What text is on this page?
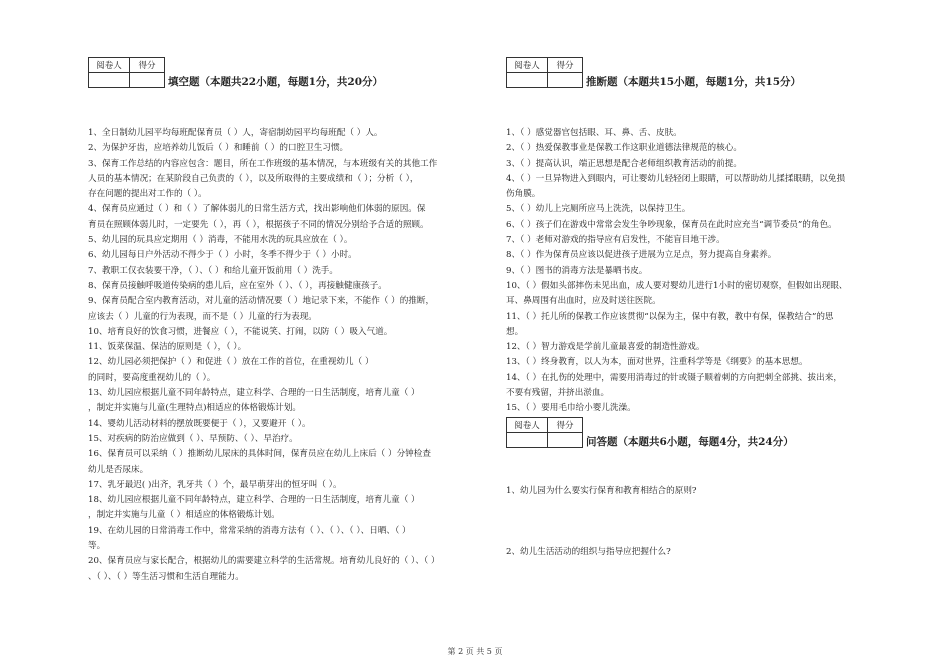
阅卷人	得分

填空题（本题共22小题，每题1分，共20分）

1、全日制幼儿园平均每班配保育员（ ）人，寄宿制幼园平均每班配（ ）人。

2、为保护牙齿，应培养幼儿饭后（ ）和睡前（ ）的口腔卫生习惯。

3、保育工作总结的内容应包含：题目，所在工作班级的基本情况，与本班级有关的其他工作

人员的基本情况；在某阶段自己负责的（ ），以及所取得的主要成绩和（ ）；分析（ ），

存在问题的提出对工作的（ ）。

4、保育员应通过（ ）和（ ）了解体弱儿的日常生活方式，找出影响他们体弱的原因。保

育员在照顾体弱儿时，一定要先（ ），再（ ），根据孩子不同的情况分别给予合适的照顾。

5、幼儿园的玩具应定期用（ ）消毒，不能用水洗的玩具应放在（ ）。

6、幼儿园每日户外活动不得少于（ ）小时，冬季不得少于（ ）小时。

7、教职工仅衣装要干净，（ ）、（ ）和给儿童开饭前用（ ）洗手。

8、保育员接触呼吸道传染病的患儿后，应在室外（ ）、（ ），再接触健康孩子。

9、保育员配合室内教育活动，对儿童的活动情况要（ ）地记录下来，不能作（ ）的推断，

应该去（ ）儿童的行为表现，而不是（ ）儿童的行为表现。

10、培育良好的饮食习惯，进餐应（ ），不能说笑、打闹，以防（ ）吸入气道。

11、饭菜保温、保洁的原则是（ ），（ ）。

12、幼儿园必须把保护（ ）和促进（ ）放在工作的首位，在重视幼儿（ ）

的同时，要高度重视幼儿的（ ）。

13、幼儿园应根据儿童不同年龄特点，建立科学、合理的一日生活制度，培育儿童（ ）

，制定并实施与儿童(生理特点)相适应的体格锻炼计划。

14、婴幼儿活动材料的摆放既要便于（ ），又要避开（ ）。

15、对疾病的防治应做到（ ）、早预防、（ ）、早治疗。

16、保育员可以采纳（ ）推断幼儿尿床的具体时间，保育员应在幼儿上床后（ ）分钟检查

幼儿是否尿床。

17、乳牙最迟( )出齐，乳牙共（ ）个，最早萌芽出的恒牙叫（ ）。

18、幼儿园应根据儿童不同年龄特点，建立科学、合理的一日生活制度，培育儿童（ ）

，制定并实施与儿童（ ）相适应的体格锻炼计划。

19、在幼儿园的日常消毒工作中，常常采纳的消毒方法有（ ）、（ ）、（ ）、日晒、（ ）

等。

20、保育员应与家长配合，根据幼儿的需要建立科学的生活常规。培育幼儿良好的（ ）、（ ）

、（ ）、（ ）等生活习惯和生活自理能力。

阅卷人	得分

推断题（本题共15小题，每题1分，共15分）

1、（ ）感觉器官包括眼、耳、鼻、舌、皮肤。

2、（ ）热爱保教事业是保教工作这职业道德法律规范的核心。

3、（ ）提高认识，端正思想是配合老师组织教育活动的前提。

4、（ ）一旦异物进入到眼内，可让婴幼儿轻轻闭上眼睛，可以帮助幼儿揉揉眼睛，以免损

伤角膜。

5、（ ）幼儿上完厕所应马上洗洗，以保持卫生。

6、（ ）孩子们在游戏中常常会发生争吵现象，保育员在此时应充当“调节委员”的角色。

7、（ ）老师对游戏的指导应有启发性，不能盲目地干涉。

8、（ ）作为保育员应该以促进孩子进展为立足点，努力提高自身素养。

9、（ ）图书的消毒方法是暴晒书皮。

10、（ ）假如头部摔伤未见出血，成人要对婴幼儿进行1小时的密切观察，但假如出现眼、

耳、鼻周围有出血时，应及时送往医院。

11、（ ）托儿所的保教工作应该贯彻“以保为主，保中有教，教中有保，保教结合”的思

想。

12、（ ）智力游戏是学前儿童最喜爱的制造性游戏。

13、（ ）终身教育，以人为本，面对世界，注重科学等是《纲要》的基本思想。

14、（ ）在扎伤的处理中，需要用消毒过的针或镊子顺着刺的方向把刺全部挑、拔出来，

不要有残留，并挤出淤血。

15、（ ）要用毛巾给小婴儿洗澡。

阅卷人	得分

问答题（本题共6小题，每题4分，共24分）
1、幼儿园为什么要实行保育和教育相结合的原则?
2、幼儿生活活动的组织与指导应把握什么?
第 2 页 共 5 页
